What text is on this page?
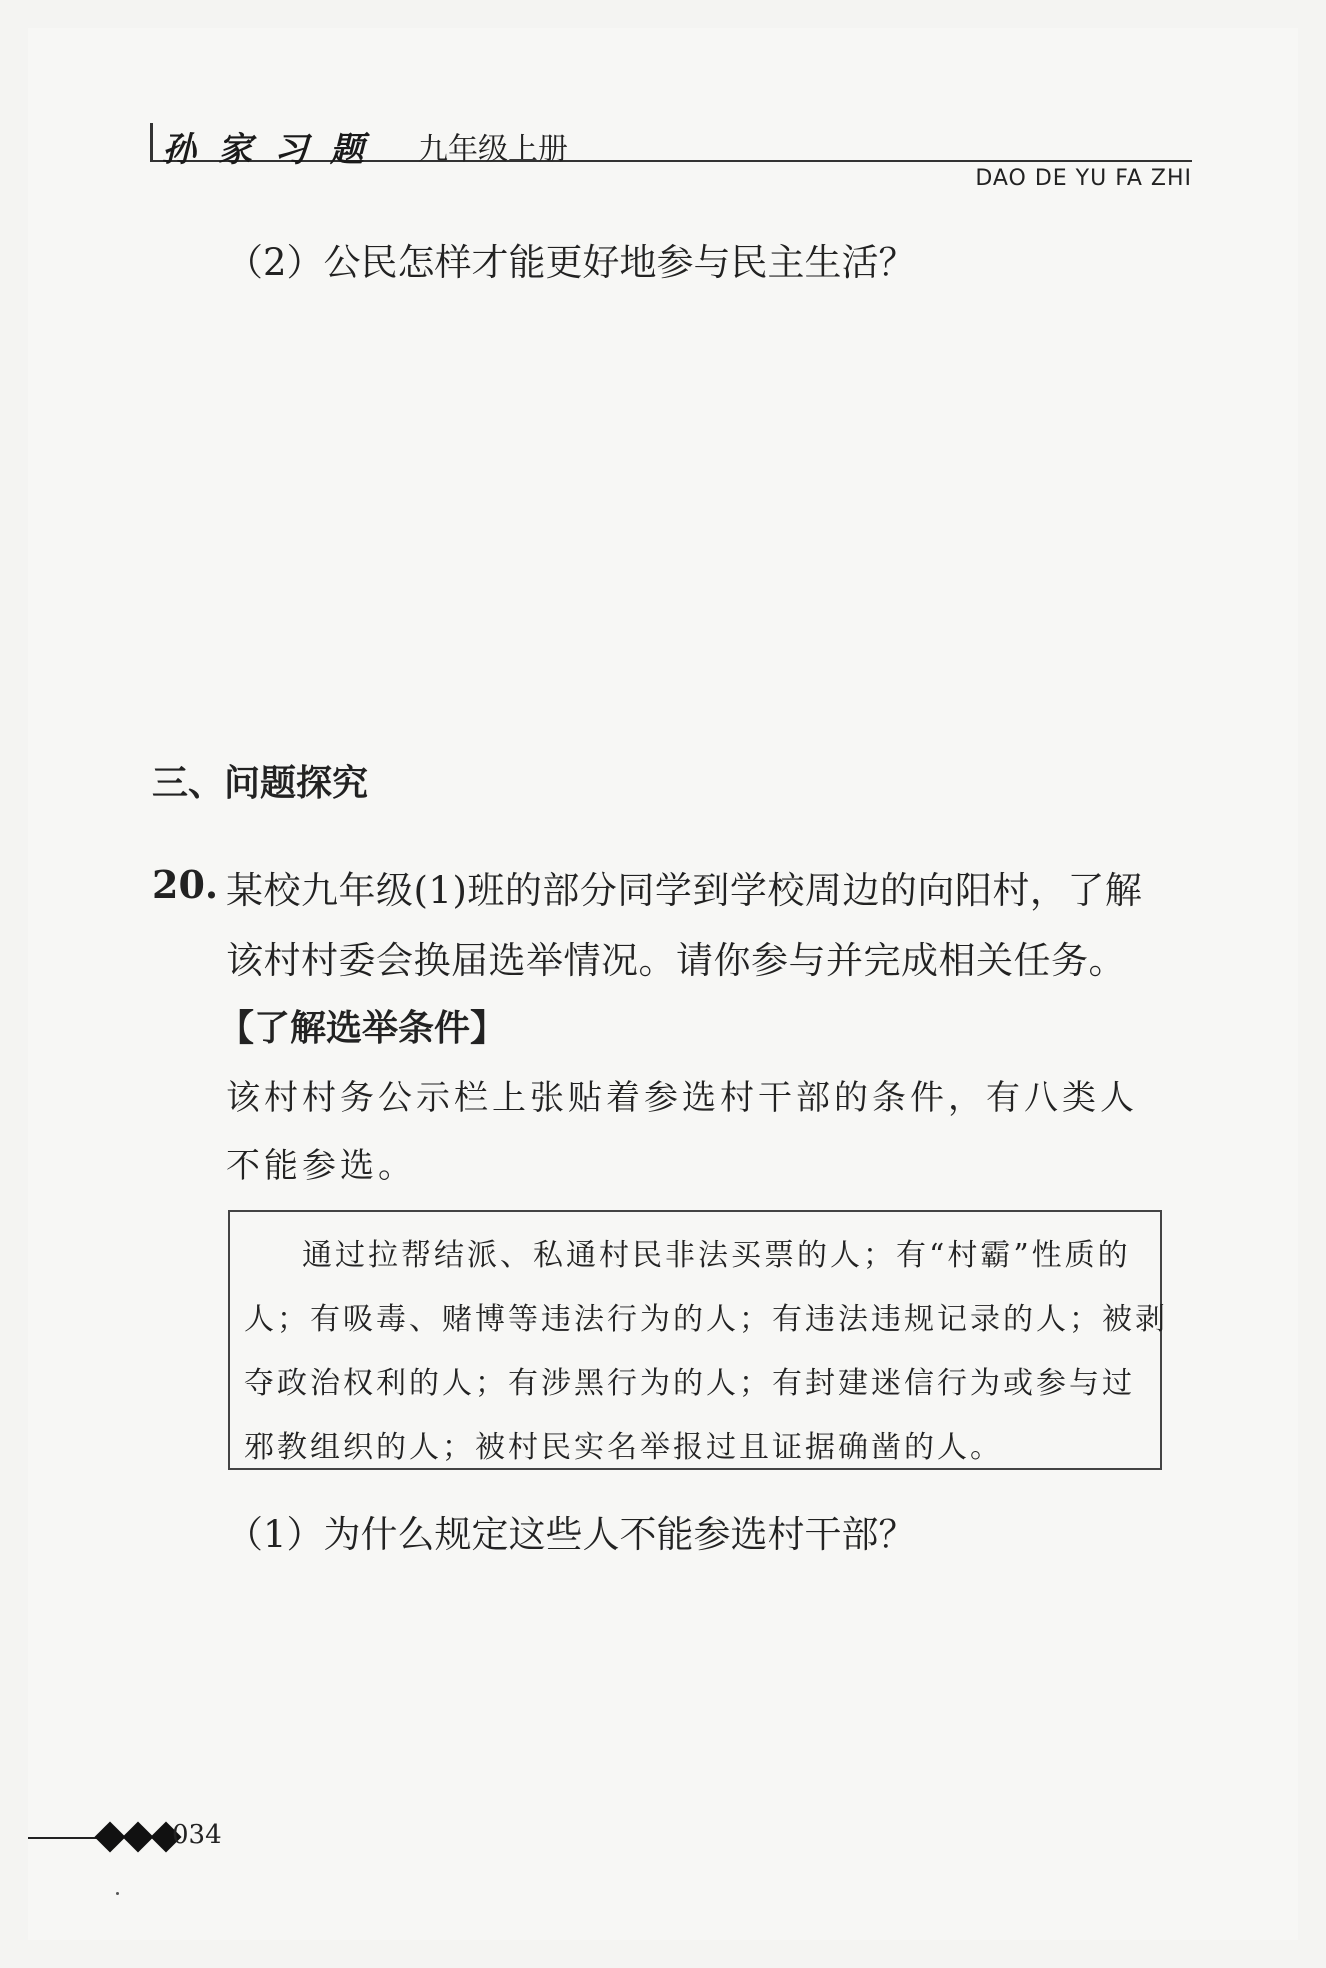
孙家习题 九年级上册
DAO DE YU FA ZHI
（2）公民怎样才能更好地参与民主生活？
三、问题探究
20. 某校九年级(1)班的部分同学到学校周边的向阳村，了解
该村村委会换届选举情况。请你参与并完成相关任务。
【了解选举条件】
该村村务公示栏上张贴着参选村干部的条件，有八类人
不能参选。
通过拉帮结派、私通村民非法买票的人；有“村霸”性质的
人；有吸毒、赌博等违法行为的人；有违法违规记录的人；被剥
夺政治权利的人；有涉黑行为的人；有封建迷信行为或参与过
邪教组织的人；被村民实名举报过且证据确凿的人。
（1）为什么规定这些人不能参选村干部？
034
